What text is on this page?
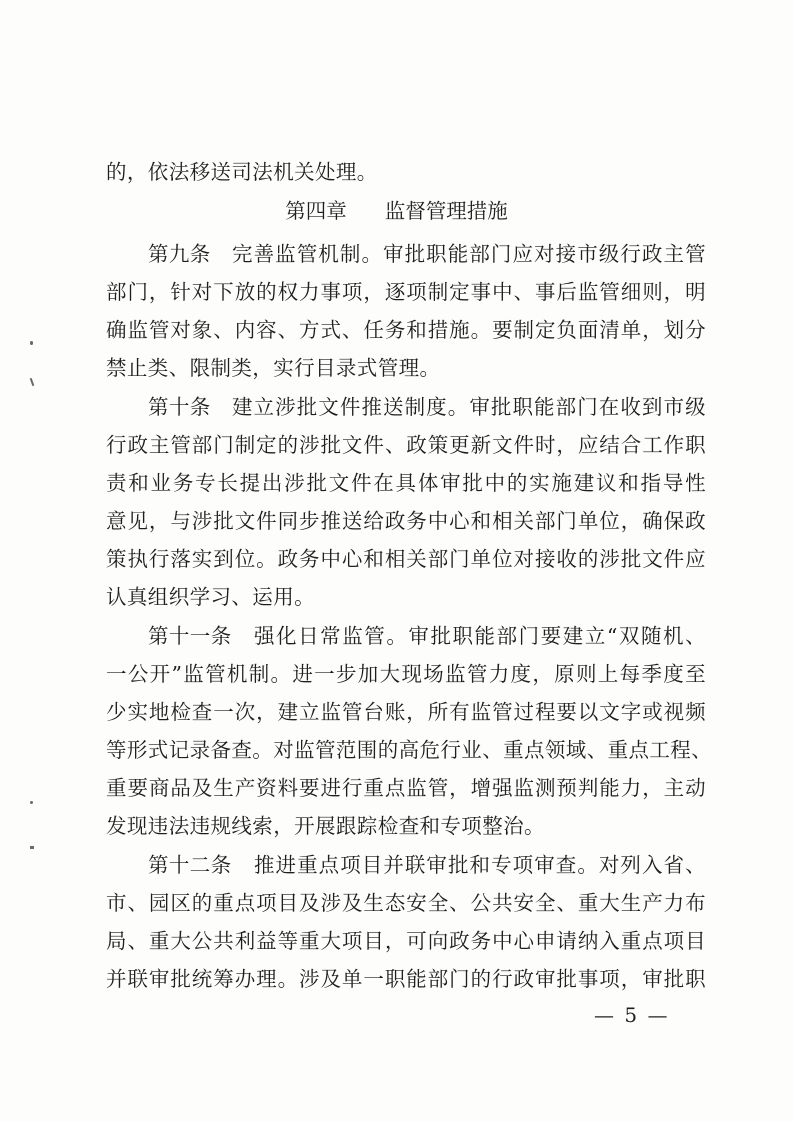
的，依法移送司法机关处理。
第四章 监督管理措施
第九条 完善监管机制。审批职能部门应对接市级行政主管
部门，针对下放的权力事项，逐项制定事中、事后监管细则，明
确监管对象、内容、方式、任务和措施。要制定负面清单，划分
禁止类、限制类，实行目录式管理。
第十条 建立涉批文件推送制度。审批职能部门在收到市级
行政主管部门制定的涉批文件、政策更新文件时，应结合工作职
责和业务专长提出涉批文件在具体审批中的实施建议和指导性
意见，与涉批文件同步推送给政务中心和相关部门单位，确保政
策执行落实到位。政务中心和相关部门单位对接收的涉批文件应
认真组织学习、运用。
第十一条 强化日常监管。审批职能部门要建立“双随机、
一公开”监管机制。进一步加大现场监管力度，原则上每季度至
少实地检查一次，建立监管台账，所有监管过程要以文字或视频
等形式记录备查。对监管范围的高危行业、重点领域、重点工程、
重要商品及生产资料要进行重点监管，增强监测预判能力，主动
发现违法违规线索，开展跟踪检查和专项整治。
第十二条 推进重点项目并联审批和专项审查。对列入省、
市、园区的重点项目及涉及生态安全、公共安全、重大生产力布
局、重大公共利益等重大项目，可向政务中心申请纳入重点项目
并联审批统筹办理。涉及单一职能部门的行政审批事项，审批职
— 5 —
